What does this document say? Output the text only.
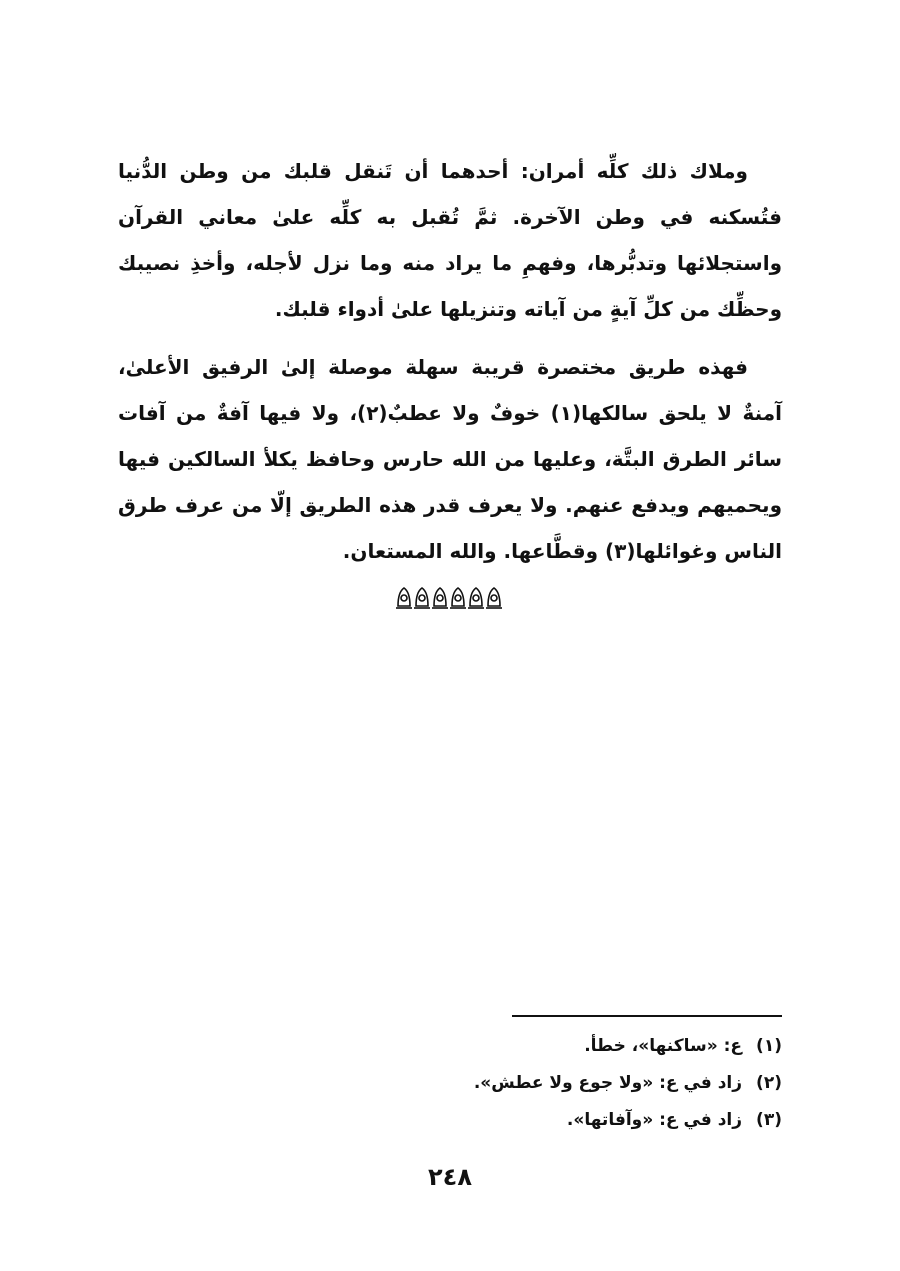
وملاك ذلك كلِّه أمران: أحدهما أن تَنقل قلبك من وطن الدُّنيا فتُسكنه في وطن الآخرة. ثمَّ تُقبل به كلِّه علىٰ معاني القرآن واستجلائها وتدبُّرها، وفهمِ ما يراد منه وما نزل لأجله، وأخذِ نصيبك وحظِّك من كلِّ آيةٍ من آياته وتنزيلها علىٰ أدواء قلبك.

فهذه طريق مختصرة قريبة سهلة موصلة إلىٰ الرفيق الأعلىٰ، آمنةٌ لا يلحق سالكها(١) خوفٌ ولا عطبٌ(٢)، ولا فيها آفةٌ من آفات سائر الطرق البتَّة، وعليها من الله حارس وحافظ يكلأ السالكين فيها ويحميهم ويدفع عنهم. ولا يعرف قدر هذه الطريق إلّا من عرف طرق الناس وغوائلها(٣) وقطَّاعها. والله المستعان.

(١)ع: «ساكنها»، خطأ.
(٢)زاد في ع: «ولا جوع ولا عطش».
(٣)زاد في ع: «وآفاتها».
٢٤٨
